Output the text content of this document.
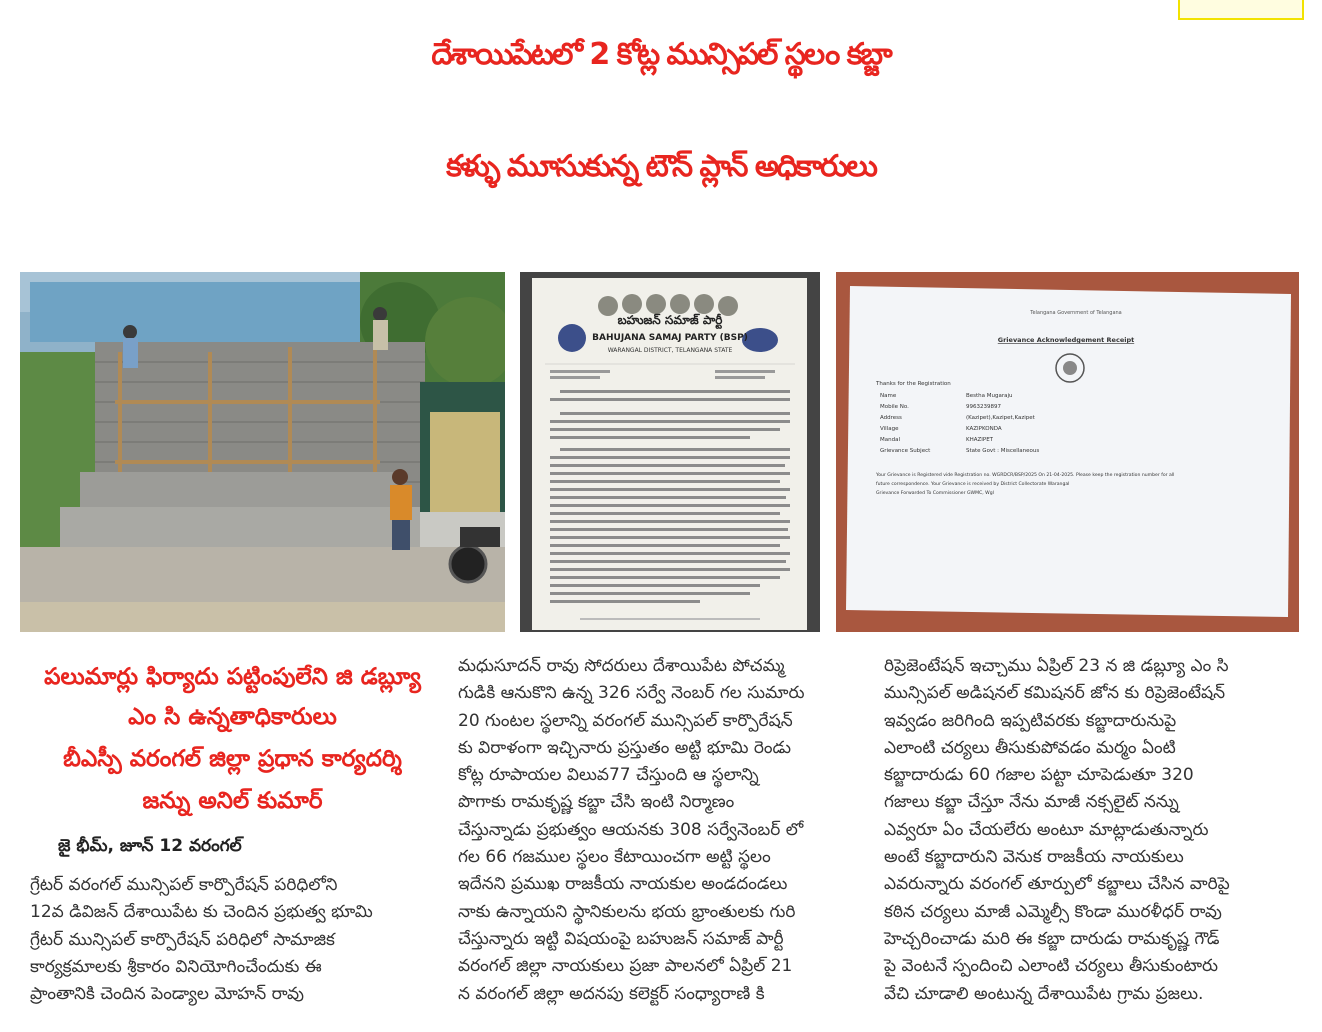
దేశాయిపేటలో 2 కోట్ల మున్సిపల్ స్థలం కబ్జా
కళ్ళు మూసుకున్న టౌన్ ప్లాన్ అధికారులు
బహుజన్ సమాజ్ పార్టీ
BAHUJANA SAMAJ PARTY (BSP)
WARANGAL DISTRICT, TELANGANA STATE
Telangana Government of Telangana
Grievance Acknowledgement Receipt
Thanks for the Registration
Name	Bestha Mugaraju
Mobile No.	9963239897
Address	(Kazipet),Kazipet,Kazipet
Village	KAZIPKONDA
Mandal	KHAZIPET
Grievance Subject	State Govt : Miscellaneous
Your Grievance is Registered vide Registration no. WGRDCR/BSP/2025 On 21-04-2025. Please keep the registration number for all
future correspondence. Your Grievance is received by District Collectorate Warangal
Grievance Forwarded To Commissioner GWMC, Wgl
పలుమార్లు ఫిర్యాదు పట్టింపులేని జి డబ్ల్యూ
ఎం సి ఉన్నతాధికారులు
బీఎస్పీ వరంగల్ జిల్లా ప్రధాన కార్యదర్శి
జన్ను అనిల్ కుమార్
జై భీమ్, జూన్ 12 వరంగల్
గ్రేటర్ వరంగల్ మున్సిపల్ కార్పొరేషన్ పరిధిలోని
12వ డివిజన్ దేశాయిపేట కు చెందిన ప్రభుత్వ భూమి
గ్రేటర్ మున్సిపల్ కార్పొరేషన్ పరిధిలో సామాజిక
కార్యక్రమాలకు శ్రీకారం వినియోగించేందుకు ఈ
ప్రాంతానికి చెందిన పెండ్యాల మోహన్ రావు
మధుసూదన్ రావు సోదరులు దేశాయిపేట పోచమ్మ
గుడికి ఆనుకొని ఉన్న 326 సర్వే నెంబర్ గల సుమారు
20 గుంటల స్థలాన్ని వరంగల్ మున్సిపల్ కార్పొరేషన్
కు విరాళంగా ఇచ్చినారు ప్రస్తుతం అట్టి భూమి రెండు
కోట్ల రూపాయల విలువ77 చేస్తుంది ఆ స్థలాన్ని
పొగాకు రామకృష్ణ కబ్జా చేసి ఇంటి నిర్మాణం
చేస్తున్నాడు ప్రభుత్వం ఆయనకు 308 సర్వేనెంబర్ లో
గల 66 గజముల స్థలం కేటాయించగా అట్టి స్థలం
ఇదేనని ప్రముఖ రాజకీయ నాయకుల అండదండలు
నాకు ఉన్నాయని స్థానికులను భయ భ్రాంతులకు గురి
చేస్తున్నారు ఇట్టి విషయంపై బహుజన్ సమాజ్ పార్టీ
వరంగల్ జిల్లా నాయకులు ప్రజా పాలనలో ఏప్రిల్ 21
న వరంగల్ జిల్లా అదనపు కలెక్టర్ సంధ్యారాణి కి
రిప్రెజెంటేషన్ ఇచ్చాము ఏప్రిల్ 23 న జి డబ్ల్యూ ఎం సి
మున్సిపల్ అడిషనల్ కమిషనర్ జోన కు రిప్రెజెంటేషన్
ఇవ్వడం జరిగింది ఇప్పటివరకు కబ్జాదారునుపై
ఎలాంటి చర్యలు తీసుకుపోవడం మర్మం ఏంటి
కబ్జాదారుడు 60 గజాల పట్టా చూపెడుతూ 320
గజాలు కబ్జా చేస్తూ నేను మాజీ నక్సలైట్ నన్ను
ఎవ్వరూ ఏం చేయలేరు అంటూ మాట్లాడుతున్నారు
అంటే కబ్జాదారుని వెనుక రాజకీయ నాయకులు
ఎవరున్నారు వరంగల్ తూర్పులో కబ్జాలు చేసిన వారిపై
కఠిన చర్యలు మాజీ ఎమ్మెల్సీ కొండా మురళీధర్ రావు
హెచ్చరించాడు మరి ఈ కబ్జా దారుడు రామకృష్ణ గౌడ్
పై వెంటనే స్పందించి ఎలాంటి చర్యలు తీసుకుంటారు
వేచి చూడాలి అంటున్న దేశాయిపేట గ్రామ ప్రజలు.
